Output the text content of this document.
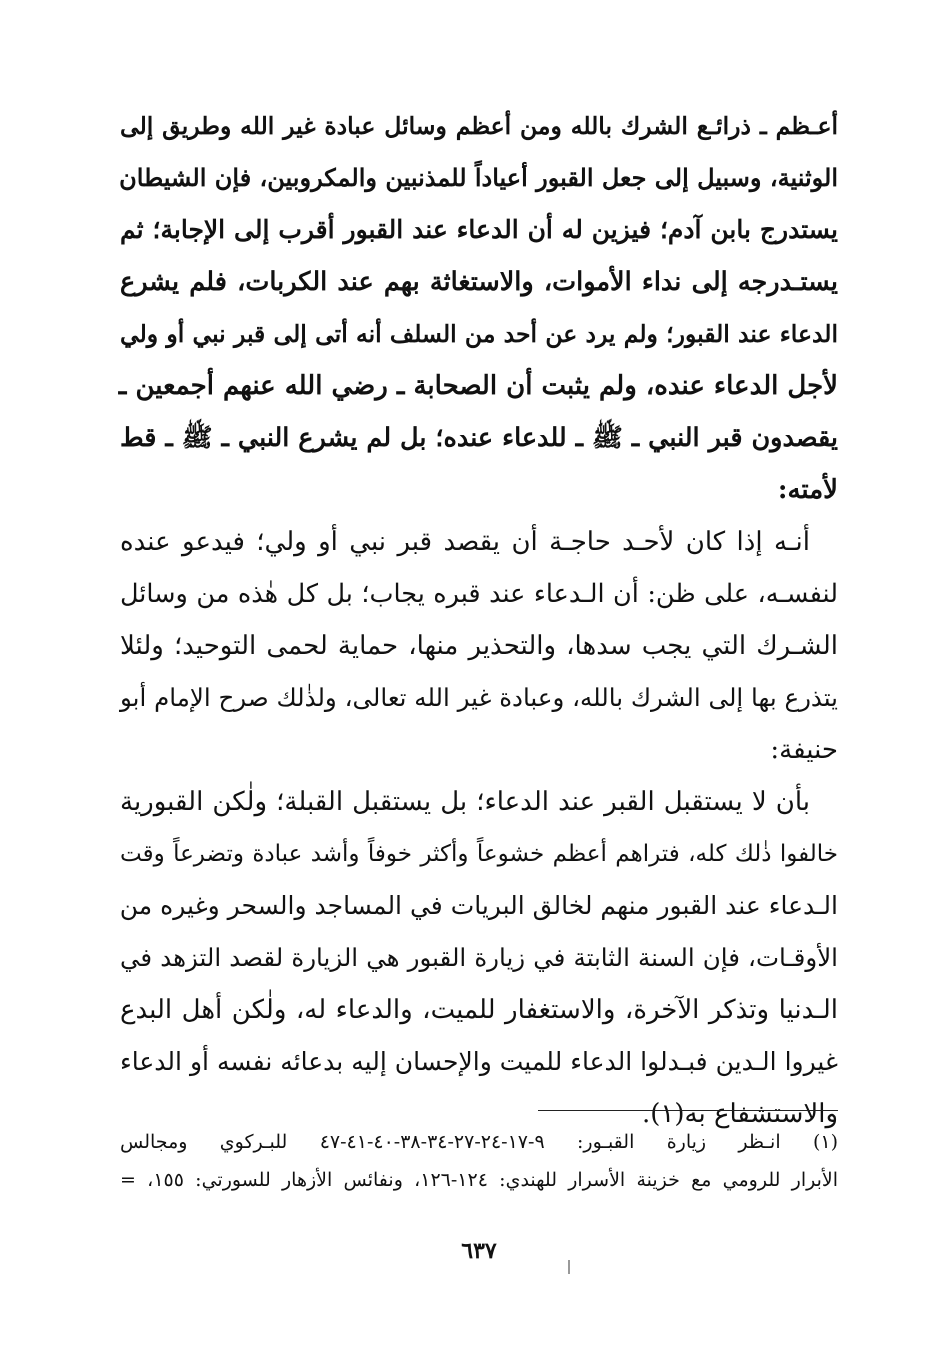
أعـظم ـ ذرائـع الشرك بالله ومن أعظم وسائل عبادة غير الله وطريق إلى
الوثنية، وسبيل إلى جعل القبور أعياداً للمذنبين والمكروبين، فإن الشيطان
يستدرج بابن آدم؛ فيزين له أن الدعاء عند القبور أقرب إلى الإجابة؛ ثم
يستـدرجه إلى نداء الأموات، والاستغاثة بهم عند الكربات، فلم يشرع
الدعاء عند القبور؛ ولم يرد عن أحد من السلف أنه أتى إلى قبر نبي أو ولي
لأجل الدعاء عنده، ولم يثبت أن الصحابة ـ رضي الله عنهم أجمعين ـ
يقصدون قبر النبي ـ ﷺ ـ للدعاء عنده؛ بل لم يشرع النبي ـ ﷺ ـ قط
لأمته:
أنـه إذا كان لأحـد حاجـة أن يقصد قبر نبي أو ولي؛ فيدعو عنده
لنفسـه، على ظن: أن الـدعاء عند قبره يجاب؛ بل كل هٰذه من وسائل
الشـرك التي يجب سدها، والتحذير منها، حماية لحمى التوحيد؛ ولئلا
يتذرع بها إلى الشرك بالله، وعبادة غير الله تعالى، ولذٰلك صرح الإمام أبو
حنيفة:
بأن لا يستقبل القبر عند الدعاء؛ بل يستقبل القبلة؛ ولٰكن القبورية
خالفوا ذٰلك كله، فتراهم أعظم خشوعاً وأكثر خوفاً وأشد عبادة وتضرعاً وقت
الـدعاء عند القبور منهم لخالق البريات في المساجد والسحر وغيره من
الأوقـات، فإن السنة الثابتة في زيارة القبور هي الزيارة لقصد التزهد في
الـدنيا وتذكر الآخرة، والاستغفار للميت، والدعاء له، ولٰكن أهل البدع
غيروا الـدين فبـدلوا الدعاء للميت والإحسان إليه بدعائه نفسه أو الدعاء
والاستشفاع به(١).
(١) انـظر زيارة القبـور: ٩-١٧-٢٤-٢٧-٣٤-٣٨-٤٠-٤١-٤٧ للبـركوي ومجالس
الأبرار للرومي مع خزينة الأسرار للهندي: ١٢٤-١٢٦، ونفائس الأزهار للسورتي: ١٥٥، =
٦٣٧
